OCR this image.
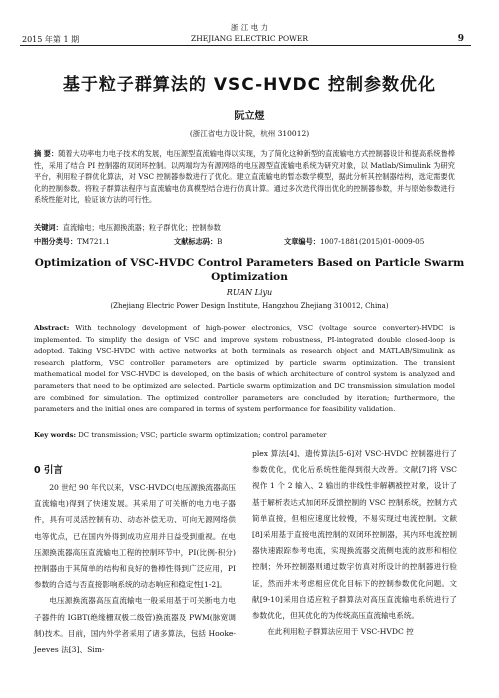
2015 年第 1 期
浙 江 电 力
ZHEJIANG ELECTRIC POWER	9
基于粒子群算法的 VSC-HVDC 控制参数优化
阮立煜
(浙江省电力设计院，杭州 310012)
摘 要：随着大功率电力电子技术的发展，电压源型直流输电得以实现，为了简化这种新型的直流输电方式控制器设计和提高系统鲁棒性，采用了结合 PI 控制器的双闭环控制。以两端均为有源网络的电压源型直流输电系统为研究对象，以 Matlab/Simulink 为研究平台，利用粒子群优化算法，对 VSC 控制器参数进行了优化。建立直流输电的暂态数学模型，据此分析其控制器结构，选定需要优化的控制参数。将粒子群算法程序与直流输电仿真模型结合进行仿真计算。通过多次迭代得出优化的控制器参数，并与原始参数进行系统性能对比，验证该方法的可行性。
关键词：直流输电；电压源换流器；粒子群优化；控制参数
中图分类号：TM721.1	文献标志码：B	文章编号：1007-1881(2015)01-0009-05
Optimization of VSC-HVDC Control Parameters Based on Particle Swarm
Optimization
RUAN Liyu
(Zhejiang Electric Power Design Institute, Hangzhou Zhejiang 310012, China)
Abstract: With technology development of high-power electronics, VSC (voltage source converter)-HVDC is implemented. To simplify the design of VSC and improve system robustness, PI-integrated double closed-loop is adopted. Taking VSC-HVDC with active networks at both terminals as research object and MATLAB/Simulink as research platform, VSC controller parameters are optimized by particle swarm optimization. The transient mathematical model for VSC-HVDC is developed, on the basis of which architecture of control system is analyzed and parameters that need to be optimized are selected. Particle swarm optimization and DC transmission simulation model are combined for simulation. The optimized controller parameters are concluded by iteration; furthermore, the parameters and the initial ones are compared in terms of system performance for feasibility validation.
Key words: DC transmission; VSC; particle swarm optimization; control parameter
0 引言

20 世纪 90 年代以来，VSC-HVDC(电压源换流器高压直流输电)得到了快速发展。其采用了可关断的电力电子器件，具有可灵活控制有功、动态补偿无功、可向无源网络供电等优点，已在国内外得到成功应用并日益受到重视。在电压源换流器高压直流输电工程的控制环节中，PI(比例-积分)控制器由于其简单的结构和良好的鲁棒性得到广泛应用，PI 参数的合适与否直接影响系统的动态响应和稳定性[1-2]。

电压源换流器高压直流输电一般采用基于可关断电力电子器件的 IGBT(绝缘栅双极二级管)换流器及 PWM(脉宽调制)技术。目前，国内外学者采用了诸多算法，包括 Hooke-Jeeves 法[3]、Sim-

plex 算法[4]、遗传算法[5-6]对 VSC-HVDC 控制器进行了参数优化，优化后系统性能得到很大改善。文献[7]将 VSC 视作 1 个 2 输入、2 输出的非线性非解耦被控对象，设计了基于解析表达式加闭环反馈控制的 VSC 控制系统，控制方式简单直接，但相应速度比较慢，不易实现过电流控制。文献[8]采用基于直接电流控制的双闭环控制器，其内环电流控制器快速跟踪参考电流，实现换流器交流侧电流的波形和相位控制；外环控制器则通过数字仿真对所设计的控制器进行验证，然而并未考虑相应优化目标下的控制参数优化问题。文献[9-10]采用自适应粒子群算法对高压直流输电系统进行了参数优化，但其优化的为传统高压直流输电系统。

在此利用粒子群算法应用于 VSC-HVDC 控
